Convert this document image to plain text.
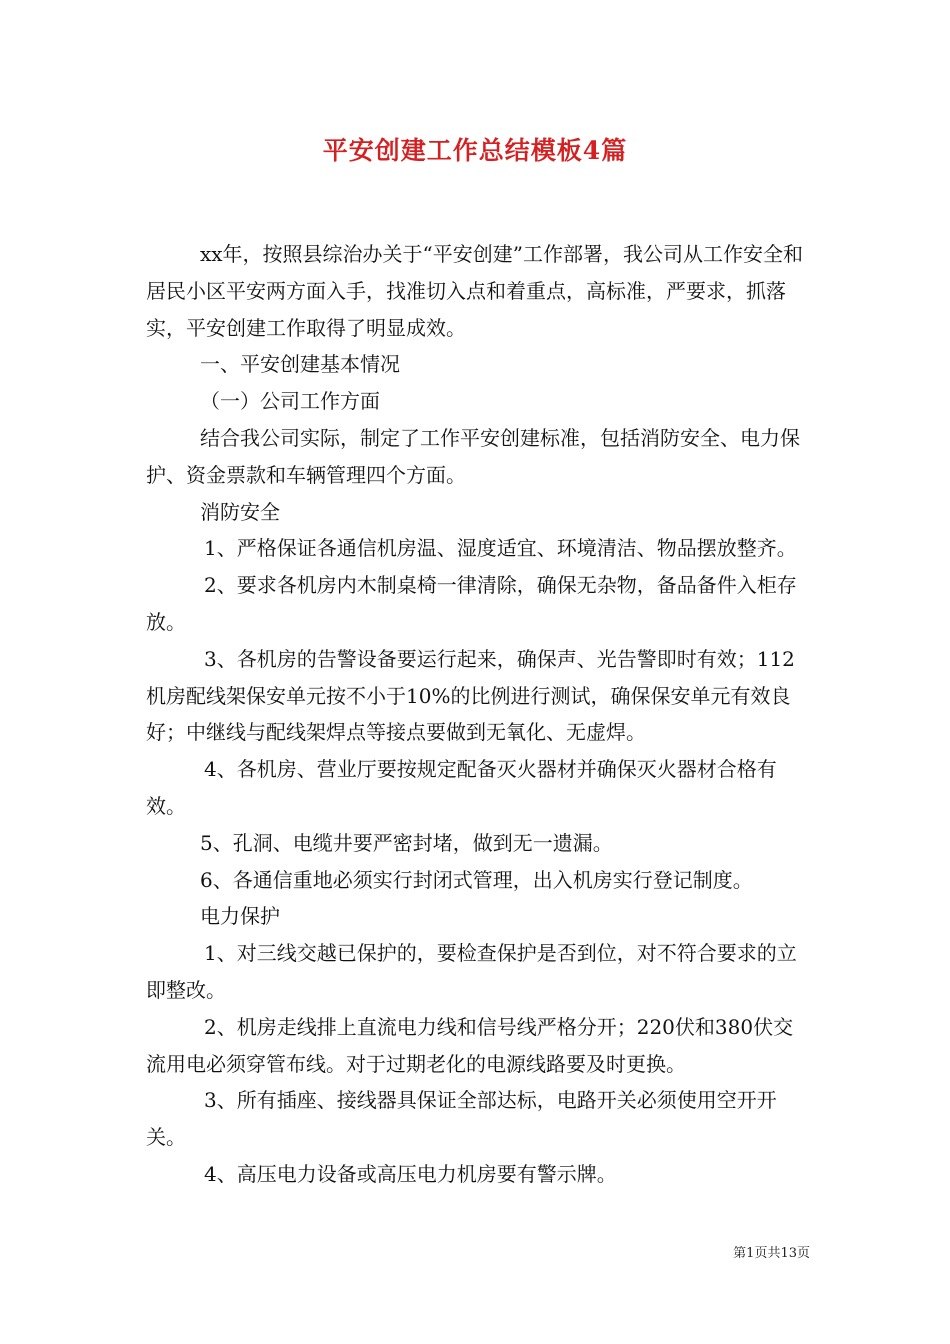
平安创建工作总结模板4篇

xx年，按照县综治办关于“平安创建”工作部署，我公司从工作安全和居民小区平安两方面入手，找准切入点和着重点，高标准，严要求，抓落实，平安创建工作取得了明显成效。

一、平安创建基本情况

（一）公司工作方面

结合我公司实际，制定了工作平安创建标准，包括消防安全、电力保护、资金票款和车辆管理四个方面。

消防安全

1、严格保证各通信机房温、湿度适宜、环境清洁、物品摆放整齐。

2、要求各机房内木制桌椅一律清除，确保无杂物，备品备件入柜存放。

3、各机房的告警设备要运行起来，确保声、光告警即时有效；112机房配线架保安单元按不小于10%的比例进行测试，确保保安单元有效良好；中继线与配线架焊点等接点要做到无氧化、无虚焊。

4、各机房、营业厅要按规定配备灭火器材并确保灭火器材合格有效。

5、孔洞、电缆井要严密封堵，做到无一遗漏。

6、各通信重地必须实行封闭式管理，出入机房实行登记制度。

电力保护

1、对三线交越已保护的，要检查保护是否到位，对不符合要求的立即整改。

2、机房走线排上直流电力线和信号线严格分开；220伏和380伏交流用电必须穿管布线。对于过期老化的电源线路要及时更换。

3、所有插座、接线器具保证全部达标，电路开关必须使用空开开关。

4、高压电力设备或高压电力机房要有警示牌。

第1页共13页
